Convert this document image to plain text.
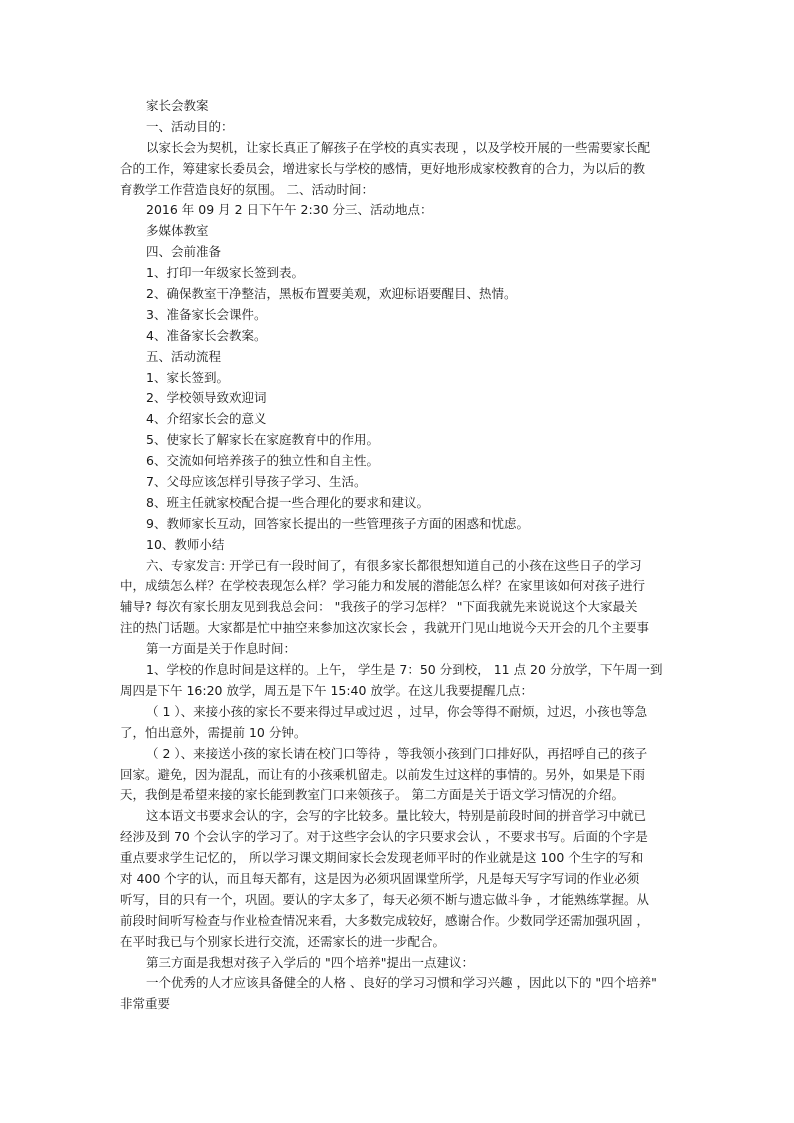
家长会教案

一、活动目的：

以家长会为契机，让家长真正了解孩子在学校的真实表现 ，以及学校开展的一些需要家长配

合的工作，筹建家长委员会，增进家长与学校的感情，更好地形成家校教育的合力，为以后的教

育教学工作营造良好的氛围。 二、活动时间：

2016 年 09 月 2 日下午午 2:30 分三、活动地点：

多媒体教室

四、会前准备

1、打印一年级家长签到表。

2、确保教室干净整洁，黑板布置要美观，欢迎标语要醒目、热情。

3、准备家长会课件。

4、准备家长会教案。

五、活动流程

1、家长签到。

2、学校领导致欢迎词

4、介绍家长会的意义

5、使家长了解家长在家庭教育中的作用。

6、交流如何培养孩子的独立性和自主性。

7、父母应该怎样引导孩子学习、生活。

8、班主任就家校配合提一些合理化的要求和建议。

9、教师家长互动，回答家长提出的一些管理孩子方面的困惑和忧虑。

10、教师小结

六、专家发言: 开学已有一段时间了，有很多家长都很想知道自己的小孩在这些日子的学习

中，成绩怎么样？在学校表现怎么样？学习能力和发展的潜能怎么样？在家里该如何对孩子进行

辅导? 每次有家长朋友见到我总会问： "我孩子的学习怎样？ "下面我就先来说说这个大家最关

注的热门话题。大家都是忙中抽空来参加这次家长会 ，我就开门见山地说今天开会的几个主要事

第一方面是关于作息时间：

1、学校的作息时间是这样的。上午， 学生是 7：50 分到校， 11 点 20 分放学，下午周一到

周四是下午 16:20 放学，周五是下午 15:40 放学。在这儿我要提醒几点：

（ 1 ）、来接小孩的家长不要来得过早或过迟 ，过早，你会等得不耐烦，过迟，小孩也等急

了，怕出意外，需提前 10 分钟。

（ 2 ）、来接送小孩的家长请在校门口等待 ，等我领小孩到门口排好队，再招呼自己的孩子

回家。避免，因为混乱，而让有的小孩乘机留走。以前发生过这样的事情的。另外，如果是下雨

天，我倒是希望来接的家长能到教室门口来领孩子。 第二方面是关于语文学习情况的介绍。

这本语文书要求会认的字，会写的字比较多。量比较大，特别是前段时间的拼音学习中就已

经涉及到 70 个会认字的学习了。对于这些字会认的字只要求会认 ，不要求书写。后面的个字是

重点要求学生记忆的， 所以学习课文期间家长会发现老师平时的作业就是这 100 个生字的写和

对 400 个字的认，而且每天都有，这是因为必须巩固课堂所学，凡是每天写字写词的作业必须

听写，目的只有一个，巩固。要认的字太多了，每天必须不断与遗忘做斗争 ，才能熟练掌握。从

前段时间听写检查与作业检查情况来看，大多数完成较好，感谢合作。少数同学还需加强巩固 ，

在平时我已与个别家长进行交流，还需家长的进一步配合。

第三方面是我想对孩子入学后的 "四个培养"提出一点建议：

一个优秀的人才应该具备健全的人格 、良好的学习习惯和学习兴趣 ，因此以下的 "四个培养"

非常重要
